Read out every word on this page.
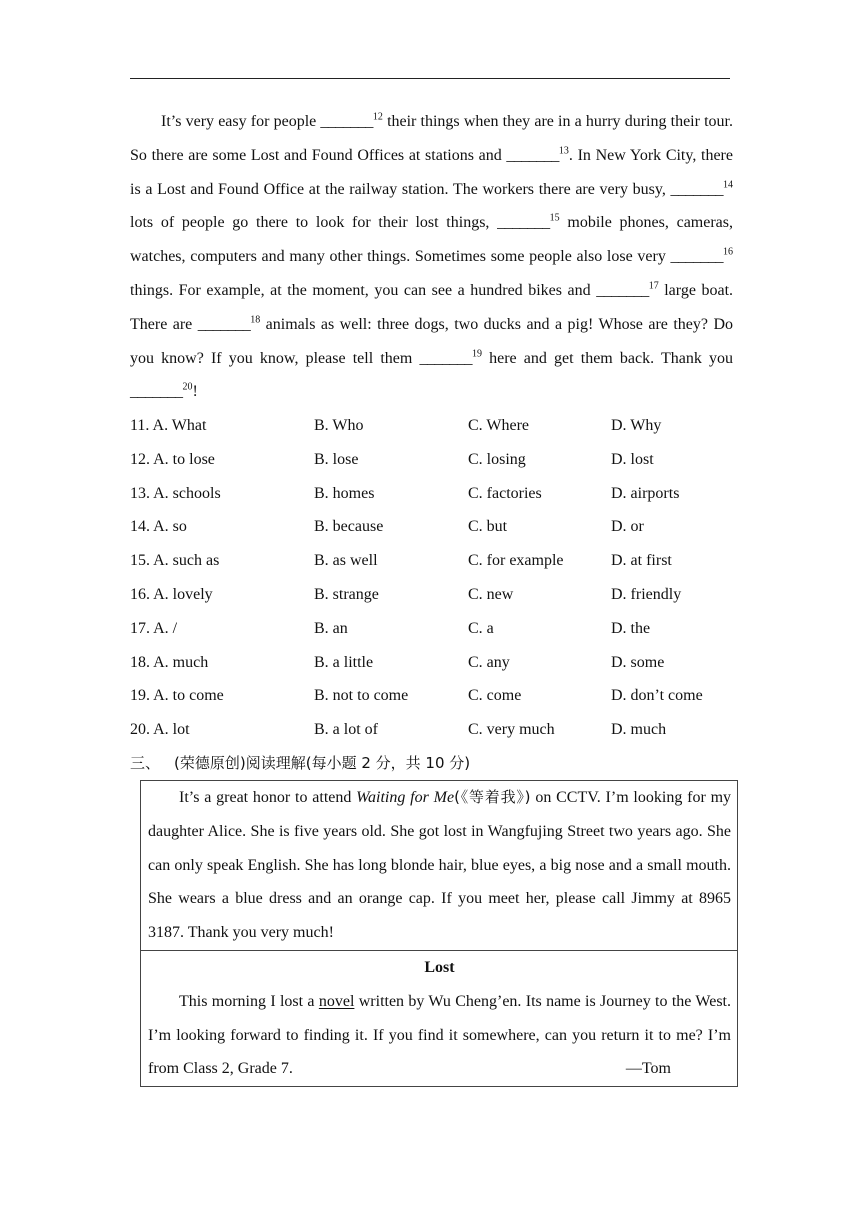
It’s very easy for people _______$^{12}$ their things when they are in a hurry during their tour. So there are some Lost and Found Offices at stations and _______$^{13}$. In New York City, there is a Lost and Found Office at the railway station. The workers there are very busy, _______$^{14}$ lots of people go there to look for their lost things, _______$^{15}$ mobile phones, cameras, watches, computers and many other things. Sometimes some people also lose very _______$^{16}$ things. For example, at the moment, you can see a hundred bikes and _______$^{17}$ large boat. There are _______$^{18}$ animals as well: three dogs, two ducks and a pig! Whose are they? Do you know? If you know, please tell them _______$^{19}$ here and get them back. Thank you _______$^{20}$!

11. A. What	B. Who	C. Where	D. Why
12. A. to lose	B. lose	C. losing	D. lost
13. A. schools	B. homes	C. factories	D. airports
14. A. so	B. because	C. but	D. or
15. A. such as	B. as well	C. for example	D. at first
16. A. lovely	B. strange	C. new	D. friendly
17. A. /	B. an	C. a	D. the
18. A. much	B. a little	C. any	D. some
19. A. to come	B. not to come	C. come	D. don’t come
20. A. lot	B. a lot of	C. very much	D. much
三、 (荣德原创)阅读理解(每小题 2 分，共 10 分)

It’s a great honor to attend Waiting for Me(《等着我》) on CCTV. I’m looking for my daughter Alice. She is five years old. She got lost in Wangfujing Street two years ago. She can only speak English. She has long blonde hair, blue eyes, a big nose and a small mouth. She wears a blue dress and an orange cap. If you meet her, please call Jimmy at 8965 3187. Thank you very much!

Lost

This morning I lost a novel written by Wu Cheng’en. Its name is Journey to the West. I’m looking forward to finding it. If you find it somewhere, can you return it to me? I’m from Class 2, Grade 7.	—Tom
